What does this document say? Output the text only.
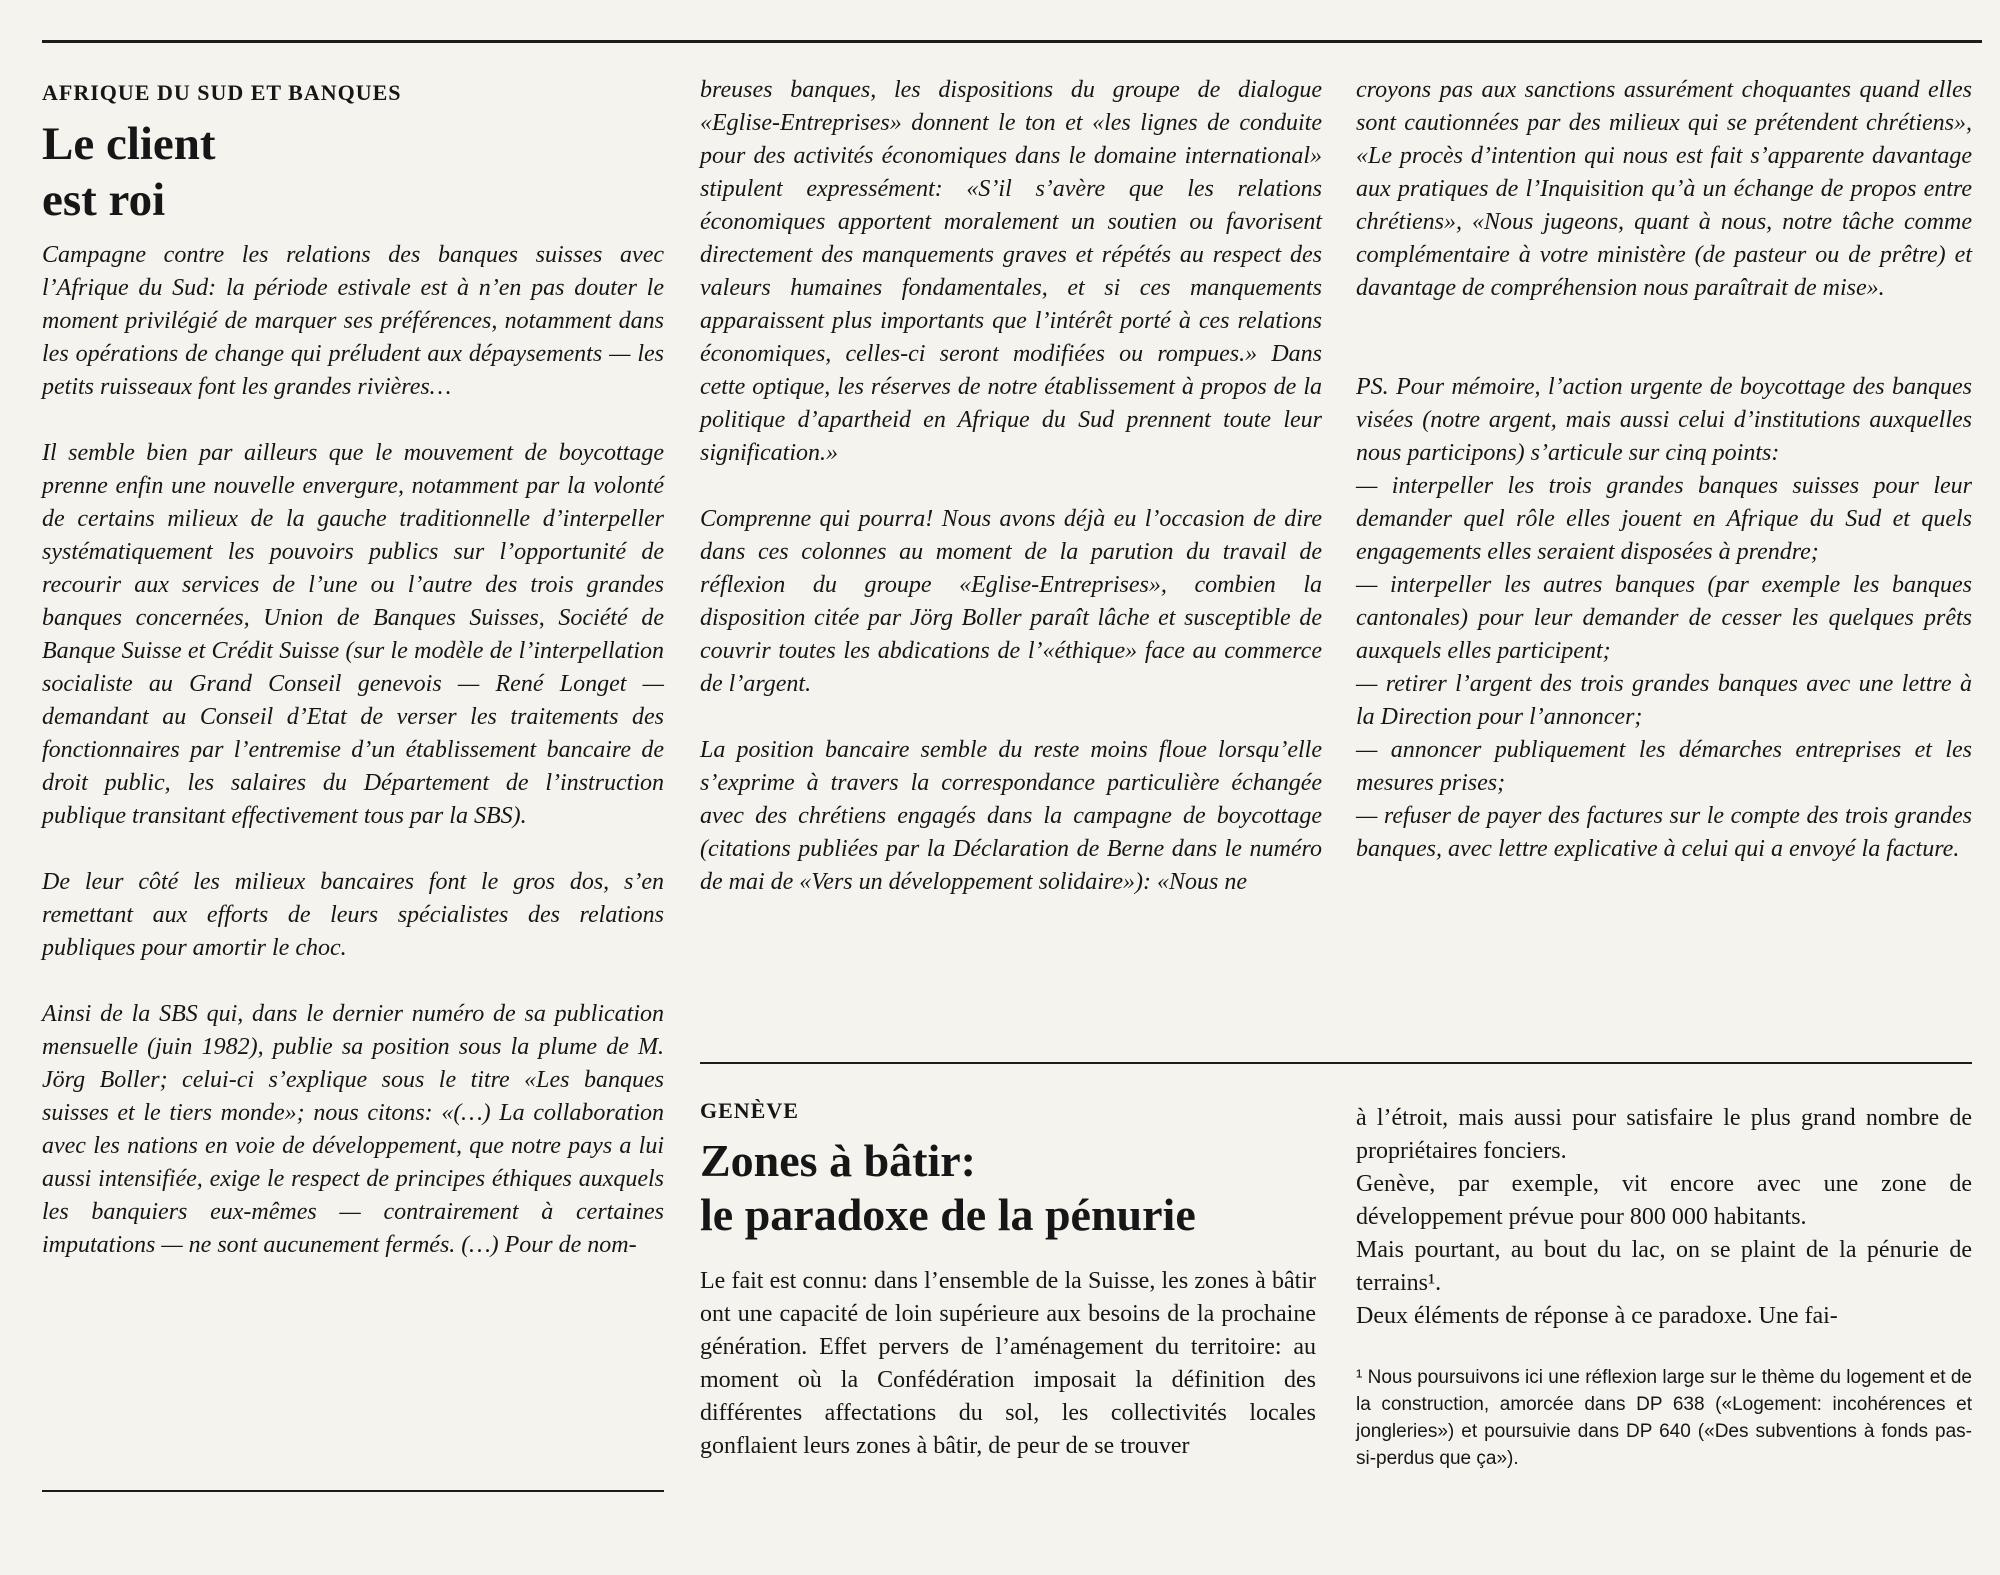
AFRIQUE DU SUD ET BANQUES
Le client
est roi

Campagne contre les relations des banques suisses avec l’Afrique du Sud: la période estivale est à n’en pas douter le moment privilégié de marquer ses préférences, notamment dans les opérations de change qui préludent aux dépaysements — les petits ruisseaux font les grandes rivières…

Il semble bien par ailleurs que le mouvement de boycottage prenne enfin une nouvelle envergure, notamment par la volonté de certains milieux de la gauche traditionnelle d’interpeller systématiquement les pouvoirs publics sur l’opportunité de recourir aux services de l’une ou l’autre des trois grandes banques concernées, Union de Banques Suisses, Société de Banque Suisse et Crédit Suisse (sur le modèle de l’interpellation socialiste au Grand Conseil genevois — René Longet — demandant au Conseil d’Etat de verser les traitements des fonctionnaires par l’entremise d’un établissement bancaire de droit public, les salaires du Département de l’instruction publique transitant effectivement tous par la SBS).

De leur côté les milieux bancaires font le gros dos, s’en remettant aux efforts de leurs spécialistes des relations publiques pour amortir le choc.

Ainsi de la SBS qui, dans le dernier numéro de sa publication mensuelle (juin 1982), publie sa position sous la plume de M. Jörg Boller; celui-ci s’explique sous le titre «Les banques suisses et le tiers monde»; nous citons: «(…) La collaboration avec les nations en voie de développement, que notre pays a lui aussi intensifiée, exige le respect de principes éthiques auxquels les banquiers eux-mêmes — contrairement à certaines imputations — ne sont aucunement fermés. (…) Pour de nom-

breuses banques, les dispositions du groupe de dialogue «Eglise-Entreprises» donnent le ton et «les lignes de conduite pour des activités économiques dans le domaine international» stipulent expressément: «S’il s’avère que les relations économiques apportent moralement un soutien ou favorisent directement des manquements graves et répétés au respect des valeurs humaines fondamentales, et si ces manquements apparaissent plus importants que l’intérêt porté à ces relations économiques, celles-ci seront modifiées ou rompues.» Dans cette optique, les réserves de notre établissement à propos de la politique d’apartheid en Afrique du Sud prennent toute leur signification.»

Comprenne qui pourra! Nous avons déjà eu l’occasion de dire dans ces colonnes au moment de la parution du travail de réflexion du groupe «Eglise-Entreprises», combien la disposition citée par Jörg Boller paraît lâche et susceptible de couvrir toutes les abdications de l’«éthique» face au commerce de l’argent.

La position bancaire semble du reste moins floue lorsqu’elle s’exprime à travers la correspondance particulière échangée avec des chrétiens engagés dans la campagne de boycottage (citations publiées par la Déclaration de Berne dans le numéro de mai de «Vers un développement solidaire»): «Nous ne

croyons pas aux sanctions assurément choquantes quand elles sont cautionnées par des milieux qui se prétendent chrétiens», «Le procès d’intention qui nous est fait s’apparente davantage aux pratiques de l’Inquisition qu’à un échange de propos entre chrétiens», «Nous jugeons, quant à nous, notre tâche comme complémentaire à votre ministère (de pasteur ou de prêtre) et davantage de compréhension nous paraîtrait de mise».

PS. Pour mémoire, l’action urgente de boycottage des banques visées (notre argent, mais aussi celui d’institutions auxquelles nous participons) s’articule sur cinq points:

— interpeller les trois grandes banques suisses pour leur demander quel rôle elles jouent en Afrique du Sud et quels engagements elles seraient disposées à prendre;

— interpeller les autres banques (par exemple les banques cantonales) pour leur demander de cesser les quelques prêts auxquels elles participent;

— retirer l’argent des trois grandes banques avec une lettre à la Direction pour l’annoncer;

— annoncer publiquement les démarches entreprises et les mesures prises;

— refuser de payer des factures sur le compte des trois grandes banques, avec lettre explicative à celui qui a envoyé la facture.

GENÈVE
Zones à bâtir:
le paradoxe de la pénurie

Le fait est connu: dans l’ensemble de la Suisse, les zones à bâtir ont une capacité de loin supérieure aux besoins de la prochaine génération. Effet pervers de l’aménagement du territoire: au moment où la Confédération imposait la définition des différentes affectations du sol, les collectivités locales gonflaient leurs zones à bâtir, de peur de se trouver

à l’étroit, mais aussi pour satisfaire le plus grand nombre de propriétaires fonciers.

Genève, par exemple, vit encore avec une zone de développement prévue pour 800 000 habitants.

Mais pourtant, au bout du lac, on se plaint de la pénurie de terrains¹.

Deux éléments de réponse à ce paradoxe. Une fai-

¹ Nous poursuivons ici une réflexion large sur le thème du logement et de la construction, amorcée dans DP 638 («Logement: incohérences et jongleries») et poursuivie dans DP 640 («Des subventions à fonds pas-si-perdus que ça»).
